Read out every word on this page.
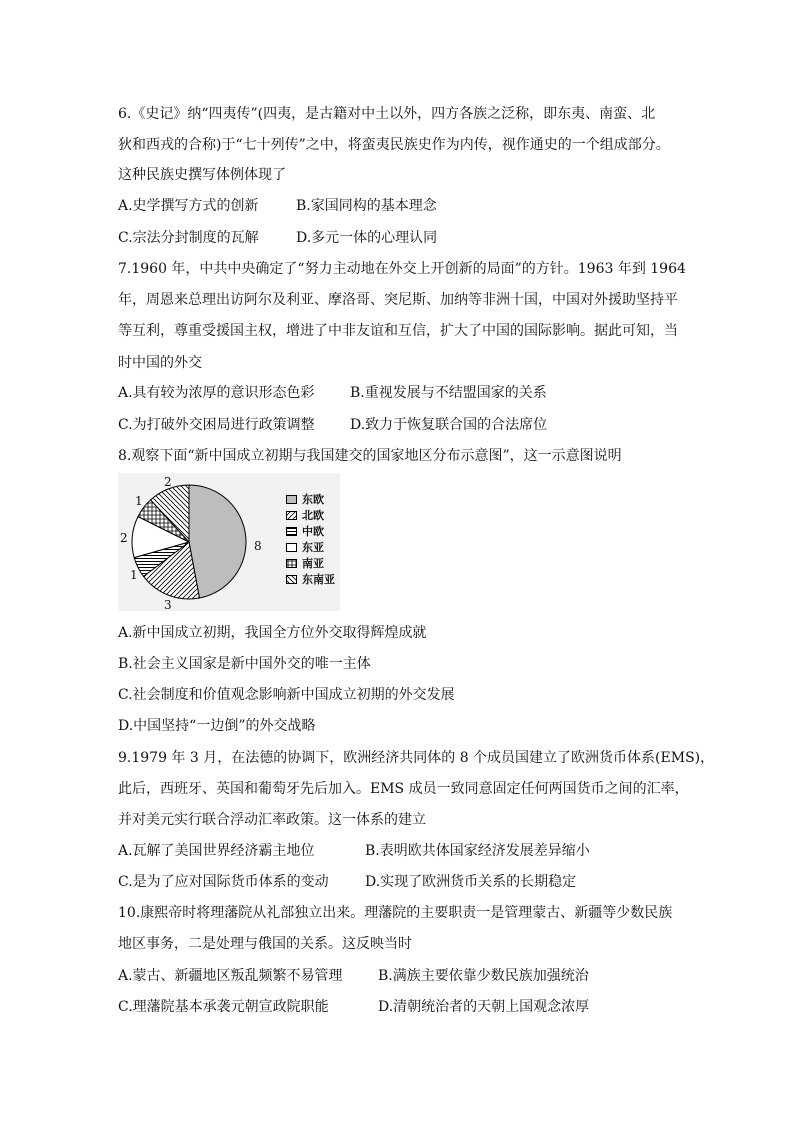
6.《史记》纳“四夷传”(四夷，是古籍对中土以外，四方各族之泛称，即东夷、南蛮、北
狄和西戎的合称)于“七十列传”之中，将蛮夷民族史作为内传，视作通史的一个组成部分。
这种民族史撰写体例体现了
A.史学撰写方式的创新	B.家国同构的基本理念
C.宗法分封制度的瓦解	D.多元一体的心理认同
7.1960 年，中共中央确定了“努力主动地在外交上开创新的局面”的方针。1963 年到 1964
年，周恩来总理出访阿尔及利亚、摩洛哥、突尼斯、加纳等非洲十国，中国对外援助坚持平
等互利，尊重受援国主权，增进了中非友谊和互信，扩大了中国的国际影响。据此可知，当
时中国的外交
A.具有较为浓厚的意识形态色彩	B.重视发展与不结盟国家的关系
C.为打破外交困局进行政策调整	D.致力于恢复联合国的合法席位
8.观察下面“新中国成立初期与我国建交的国家地区分布示意图”，这一示意图说明
8
3
1
2
1
2
东欧
北欧
中欧
东亚
南亚
东南亚
A.新中国成立初期，我国全方位外交取得辉煌成就
B.社会主义国家是新中国外交的唯一主体
C.社会制度和价值观念影响新中国成立初期的外交发展
D.中国坚持“一边倒”的外交战略
9.1979 年 3 月，在法德的协调下，欧洲经济共同体的 8 个成员国建立了欧洲货币体系(EMS)，
此后，西班牙、英国和葡萄牙先后加入。EMS 成员一致同意固定任何两国货币之间的汇率，
并对美元实行联合浮动汇率政策。这一体系的建立
A.瓦解了美国世界经济霸主地位	B.表明欧共体国家经济发展差异缩小
C.是为了应对国际货币体系的变动	D.实现了欧洲货币关系的长期稳定
10.康熙帝时将理藩院从礼部独立出来。理藩院的主要职责一是管理蒙古、新疆等少数民族
地区事务，二是处理与俄国的关系。这反映当时
A.蒙古、新疆地区叛乱频繁不易管理	B.满族主要依靠少数民族加强统治
C.理藩院基本承袭元朝宣政院职能	D.清朝统治者的天朝上国观念浓厚
